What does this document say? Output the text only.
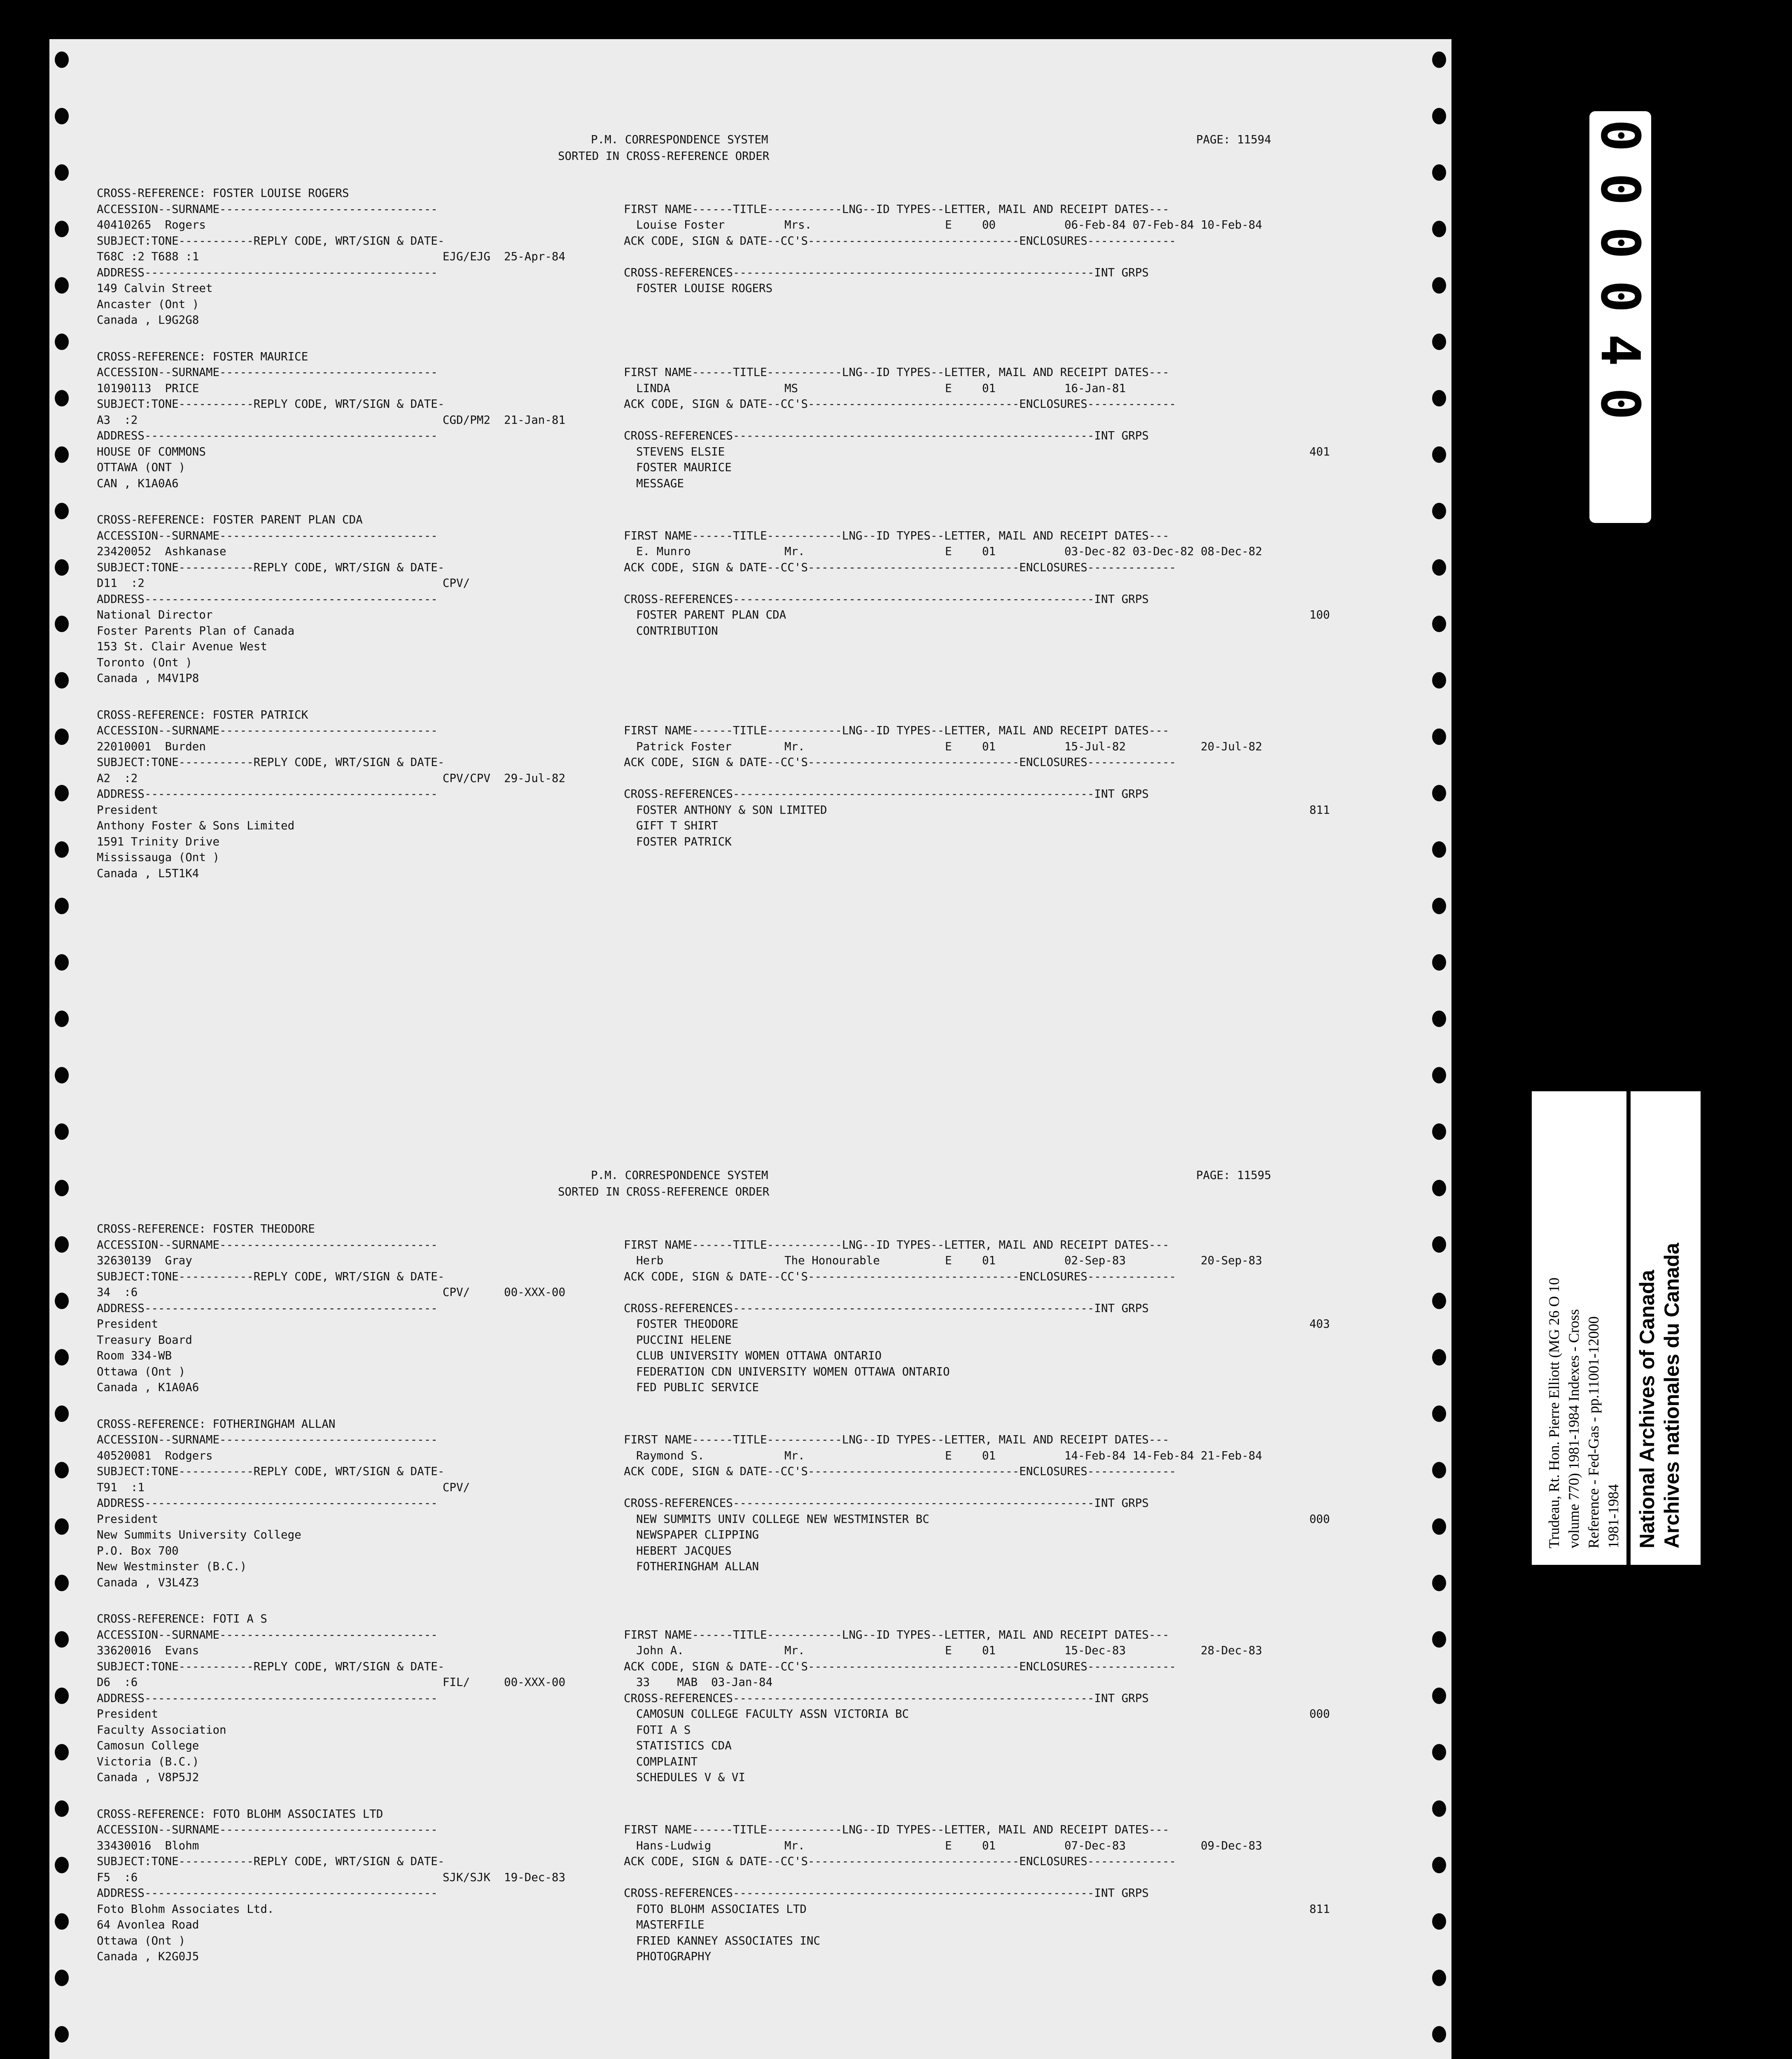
P.M. CORRESPONDENCE SYSTEM	PAGE: 11594
SORTED IN CROSS-REFERENCE ORDER
CROSS-REFERENCE: FOSTER LOUISE ROGERS
ACCESSION--SURNAME--------------------------------	FIRST NAME------TITLE-----------LNG--ID TYPES--LETTER, MAIL AND RECEIPT DATES---
40410265  Rogers	Louise Foster	Mrs.	E	00	06-Feb-84 07-Feb-84 10-Feb-84
SUBJECT:TONE-----------REPLY CODE, WRT/SIGN & DATE-	ACK CODE, SIGN & DATE--CC'S-------------------------------ENCLOSURES-------------
T68C :2 T688 :1	EJG/EJG  25-Apr-84
ADDRESS-------------------------------------------	CROSS-REFERENCES-----------------------------------------------------INT GRPS
149 Calvin Street	FOSTER LOUISE ROGERS
Ancaster (Ont )
Canada , L9G2G8
CROSS-REFERENCE: FOSTER MAURICE
ACCESSION--SURNAME--------------------------------	FIRST NAME------TITLE-----------LNG--ID TYPES--LETTER, MAIL AND RECEIPT DATES---
10190113  PRICE	LINDA	MS	E	01	16-Jan-81
SUBJECT:TONE-----------REPLY CODE, WRT/SIGN & DATE-	ACK CODE, SIGN & DATE--CC'S-------------------------------ENCLOSURES-------------
A3  :2	CGD/PM2  21-Jan-81
ADDRESS-------------------------------------------	CROSS-REFERENCES-----------------------------------------------------INT GRPS
HOUSE OF COMMONS	STEVENS ELSIE	401
OTTAWA (ONT )	FOSTER MAURICE
CAN , K1A0A6	MESSAGE
CROSS-REFERENCE: FOSTER PARENT PLAN CDA
ACCESSION--SURNAME--------------------------------	FIRST NAME------TITLE-----------LNG--ID TYPES--LETTER, MAIL AND RECEIPT DATES---
23420052  Ashkanase	E. Munro	Mr.	E	01	03-Dec-82 03-Dec-82 08-Dec-82
SUBJECT:TONE-----------REPLY CODE, WRT/SIGN & DATE-	ACK CODE, SIGN & DATE--CC'S-------------------------------ENCLOSURES-------------
D11  :2	CPV/
ADDRESS-------------------------------------------	CROSS-REFERENCES-----------------------------------------------------INT GRPS
National Director	FOSTER PARENT PLAN CDA	100
Foster Parents Plan of Canada	CONTRIBUTION
153 St. Clair Avenue West
Toronto (Ont )
Canada , M4V1P8
CROSS-REFERENCE: FOSTER PATRICK
ACCESSION--SURNAME--------------------------------	FIRST NAME------TITLE-----------LNG--ID TYPES--LETTER, MAIL AND RECEIPT DATES---
22010001  Burden	Patrick Foster	Mr.	E	01	15-Jul-82           20-Jul-82
SUBJECT:TONE-----------REPLY CODE, WRT/SIGN & DATE-	ACK CODE, SIGN & DATE--CC'S-------------------------------ENCLOSURES-------------
A2  :2	CPV/CPV  29-Jul-82
ADDRESS-------------------------------------------	CROSS-REFERENCES-----------------------------------------------------INT GRPS
President	FOSTER ANTHONY & SON LIMITED	811
Anthony Foster & Sons Limited	GIFT T SHIRT
1591 Trinity Drive	FOSTER PATRICK
Mississauga (Ont )
Canada , L5T1K4
P.M. CORRESPONDENCE SYSTEM	PAGE: 11595
SORTED IN CROSS-REFERENCE ORDER
CROSS-REFERENCE: FOSTER THEODORE
ACCESSION--SURNAME--------------------------------	FIRST NAME------TITLE-----------LNG--ID TYPES--LETTER, MAIL AND RECEIPT DATES---
32630139  Gray	Herb	The Honourable	E	01	02-Sep-83           20-Sep-83
SUBJECT:TONE-----------REPLY CODE, WRT/SIGN & DATE-	ACK CODE, SIGN & DATE--CC'S-------------------------------ENCLOSURES-------------
34  :6	CPV/     00-XXX-00
ADDRESS-------------------------------------------	CROSS-REFERENCES-----------------------------------------------------INT GRPS
President	FOSTER THEODORE	403
Treasury Board	PUCCINI HELENE
Room 334-WB	CLUB UNIVERSITY WOMEN OTTAWA ONTARIO
Ottawa (Ont )	FEDERATION CDN UNIVERSITY WOMEN OTTAWA ONTARIO
Canada , K1A0A6	FED PUBLIC SERVICE
CROSS-REFERENCE: FOTHERINGHAM ALLAN
ACCESSION--SURNAME--------------------------------	FIRST NAME------TITLE-----------LNG--ID TYPES--LETTER, MAIL AND RECEIPT DATES---
40520081  Rodgers	Raymond S.	Mr.	E	01	14-Feb-84 14-Feb-84 21-Feb-84
SUBJECT:TONE-----------REPLY CODE, WRT/SIGN & DATE-	ACK CODE, SIGN & DATE--CC'S-------------------------------ENCLOSURES-------------
T91  :1	CPV/
ADDRESS-------------------------------------------	CROSS-REFERENCES-----------------------------------------------------INT GRPS
President	NEW SUMMITS UNIV COLLEGE NEW WESTMINSTER BC	000
New Summits University College	NEWSPAPER CLIPPING
P.O. Box 700	HEBERT JACQUES
New Westminster (B.C.)	FOTHERINGHAM ALLAN
Canada , V3L4Z3
CROSS-REFERENCE: FOTI A S
ACCESSION--SURNAME--------------------------------	FIRST NAME------TITLE-----------LNG--ID TYPES--LETTER, MAIL AND RECEIPT DATES---
33620016  Evans	John A.	Mr.	E	01	15-Dec-83           28-Dec-83
SUBJECT:TONE-----------REPLY CODE, WRT/SIGN & DATE-	ACK CODE, SIGN & DATE--CC'S-------------------------------ENCLOSURES-------------
D6  :6	FIL/     00-XXX-00	33    MAB  03-Jan-84
ADDRESS-------------------------------------------	CROSS-REFERENCES-----------------------------------------------------INT GRPS
President	CAMOSUN COLLEGE FACULTY ASSN VICTORIA BC	000
Faculty Association	FOTI A S
Camosun College	STATISTICS CDA
Victoria (B.C.)	COMPLAINT
Canada , V8P5J2	SCHEDULES V & VI
CROSS-REFERENCE: FOTO BLOHM ASSOCIATES LTD
ACCESSION--SURNAME--------------------------------	FIRST NAME------TITLE-----------LNG--ID TYPES--LETTER, MAIL AND RECEIPT DATES---
33430016  Blohm	Hans-Ludwig	Mr.	E	01	07-Dec-83           09-Dec-83
SUBJECT:TONE-----------REPLY CODE, WRT/SIGN & DATE-	ACK CODE, SIGN & DATE--CC'S-------------------------------ENCLOSURES-------------
F5  :6	SJK/SJK  19-Dec-83
ADDRESS-------------------------------------------	CROSS-REFERENCES-----------------------------------------------------INT GRPS
Foto Blohm Associates Ltd.	FOTO BLOHM ASSOCIATES LTD	811
64 Avonlea Road	MASTERFILE
Ottawa (Ont )	FRIED KANNEY ASSOCIATES INC
Canada , K2G0J5	PHOTOGRAPHY
000040
Trudeau, Rt. Hon. Pierre Elliott (MG 26 O 10 volume 770) 1981-1984 Indexes - Cross Reference - Fed-Gas - pp.11001-12000 1981-1984 National Archives of Canada Archives nationales du Canada
